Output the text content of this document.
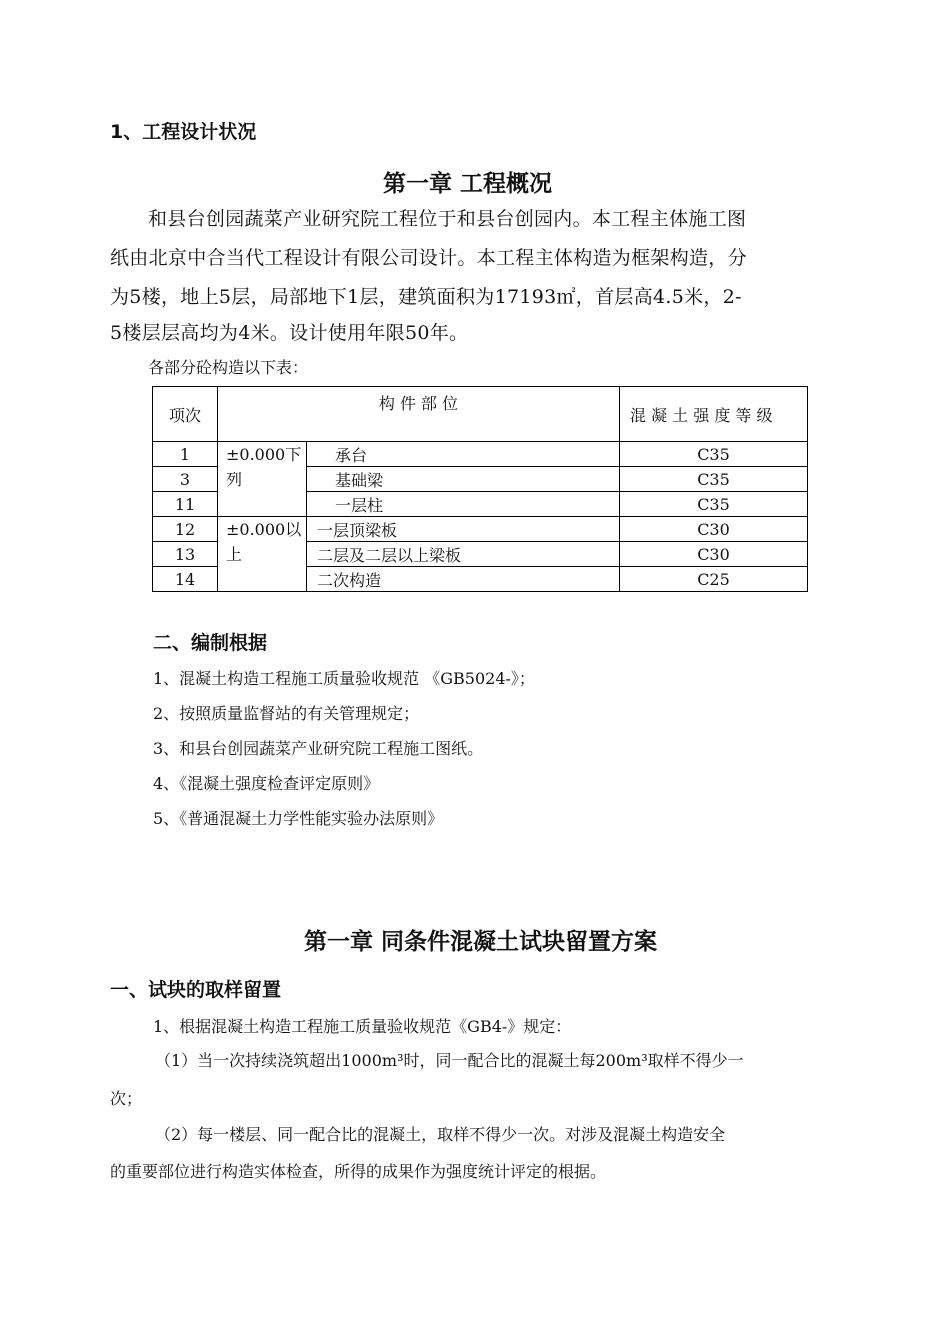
1、工程设计状况
第一章 工程概况
和县台创园蔬菜产业研究院工程位于和县台创园内。本工程主体施工图
纸由北京中合当代工程设计有限公司设计。本工程主体构造为框架构造，分
为5楼，地上5层，局部地下1层，建筑面积为17193㎡，首层高4.5米，2-
5楼层层高均为4米。设计使用年限50年。
各部分砼构造以下表：
项次	构 件 部 位		混 凝 土 强 度 等 级
1	±0.000下列	承台	C35
3		基础梁	C35
11		一层柱	C35
12	±0.000以上	一层顶梁板	C30
13		二层及二层以上梁板	C30
14		二次构造	C25
二、编制根据
1、混凝土构造工程施工质量验收规范 《GB5024-》；
2、按照质量监督站的有关管理规定；
3、和县台创园蔬菜产业研究院工程施工图纸。
4、《混凝土强度检查评定原则》
5、《普通混凝土力学性能实验办法原则》
第一章 同条件混凝土试块留置方案
一、试块的取样留置
1、根据混凝土构造工程施工质量验收规范《GB4-》规定：
（1）当一次持续浇筑超出1000m³时，同一配合比的混凝土每200m³取样不得少一
次；
（2）每一楼层、同一配合比的混凝土，取样不得少一次。对涉及混凝土构造安全
的重要部位进行构造实体检查，所得的成果作为强度统计评定的根据。
